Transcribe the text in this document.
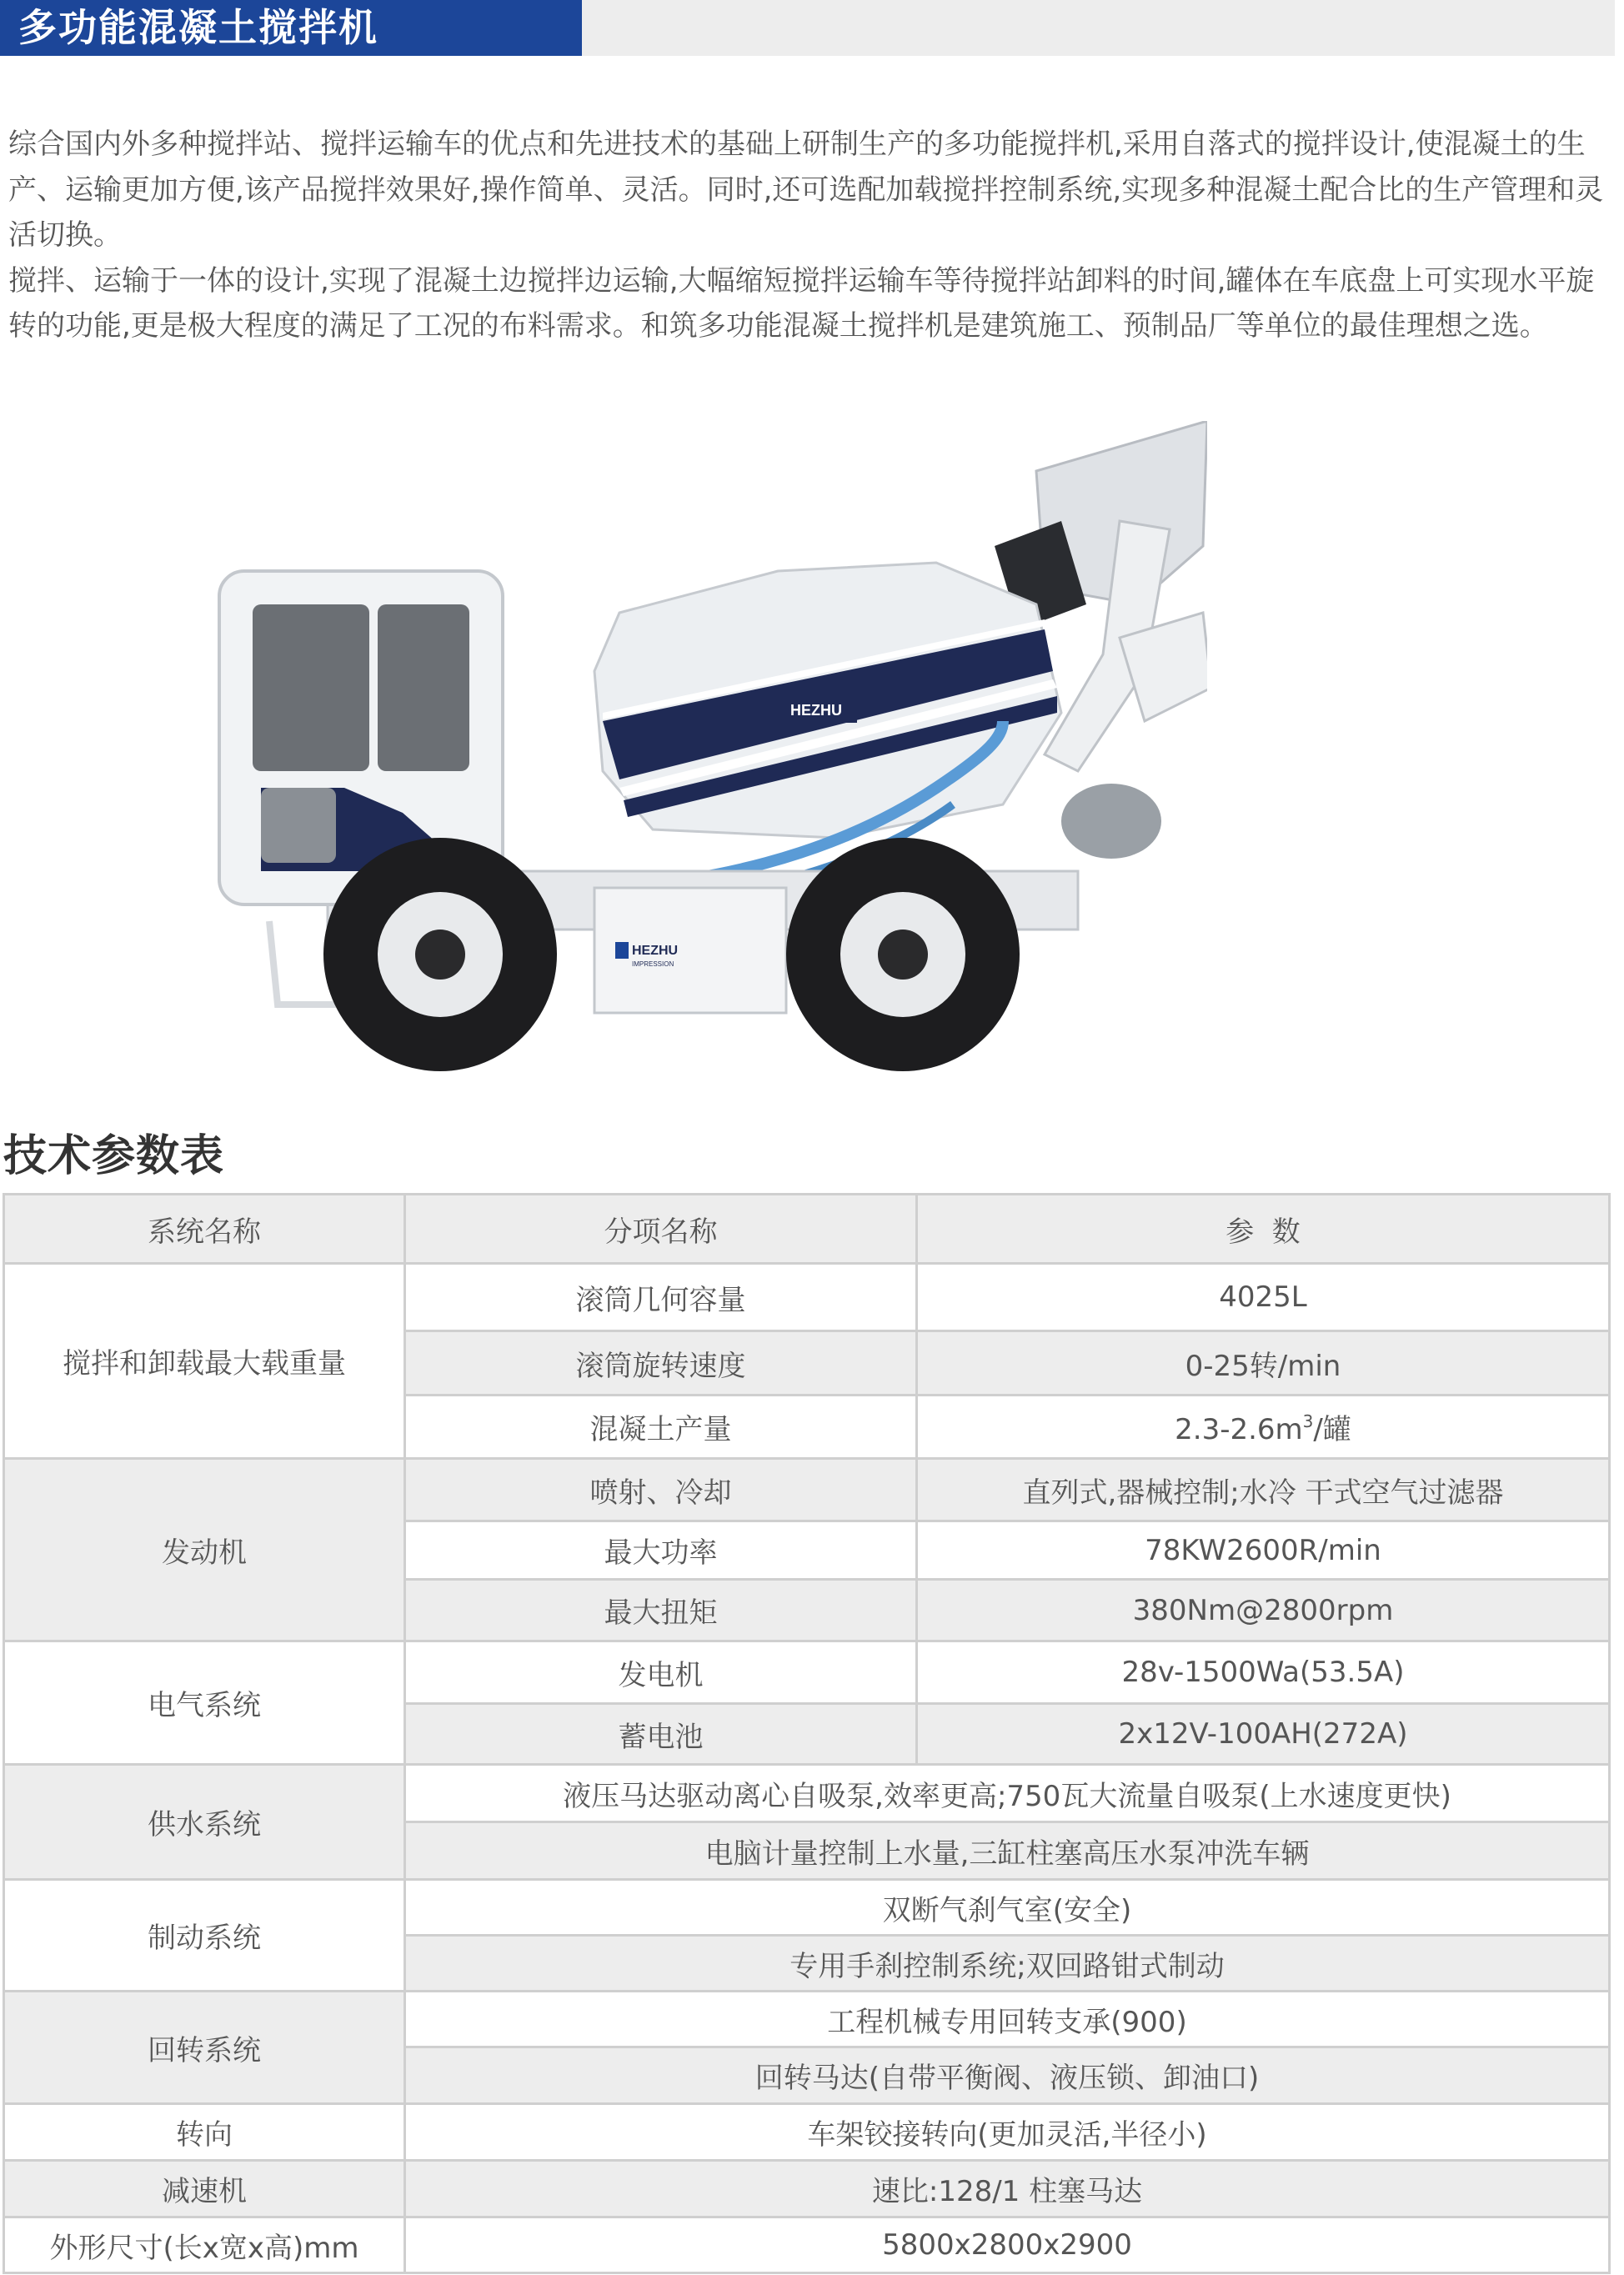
多功能混凝土搅拌机

综合国内外多种搅拌站、搅拌运输车的优点和先进技术的基础上研制生产的多功能搅拌机,采用自落式的搅拌设计,使混凝土的生产、运输更加方便,该产品搅拌效果好,操作简单、灵活。同时,还可选配加载搅拌控制系统,实现多种混凝土配合比的生产管理和灵活切换。

搅拌、运输于一体的设计,实现了混凝土边搅拌边运输,大幅缩短搅拌运输车等待搅拌站卸料的时间,罐体在车底盘上可实现水平旋转的功能,更是极大程度的满足了工况的布料需求。和筑多功能混凝土搅拌机是建筑施工、预制品厂等单位的最佳理想之选。

HEZHU
HEZHU
IMPRESSION
技术参数表
系统名称	分项名称	参  数
搅拌和卸载最大载重量	滚筒几何容量	4025L
	滚筒旋转速度	0-25转/min
	混凝土产量	$2.3-2.6m^3/$罐
发动机	喷射、冷却	直列式,器械控制;水冷 干式空气过滤器
	最大功率	78KW2600R/min
	最大扭矩	380Nm@2800rpm
电气系统	发电机	28v-1500Wa(53.5A)
	蓄电池	2x12V-100AH(272A)
供水系统	液压马达驱动离心自吸泵,效率更高;750瓦大流量自吸泵(上水速度更快)	
	电脑计量控制上水量,三缸柱塞高压水泵冲洗车辆	
制动系统	双断气刹气室(安全)	
	专用手刹控制系统;双回路钳式制动	
回转系统	工程机械专用回转支承(900)	
	回转马达(自带平衡阀、液压锁、卸油口)	
转向	车架铰接转向(更加灵活,半径小)	
减速机	速比:128/1 柱塞马达	
外形尺寸(长x宽x高)mm	5800x2800x2900	
